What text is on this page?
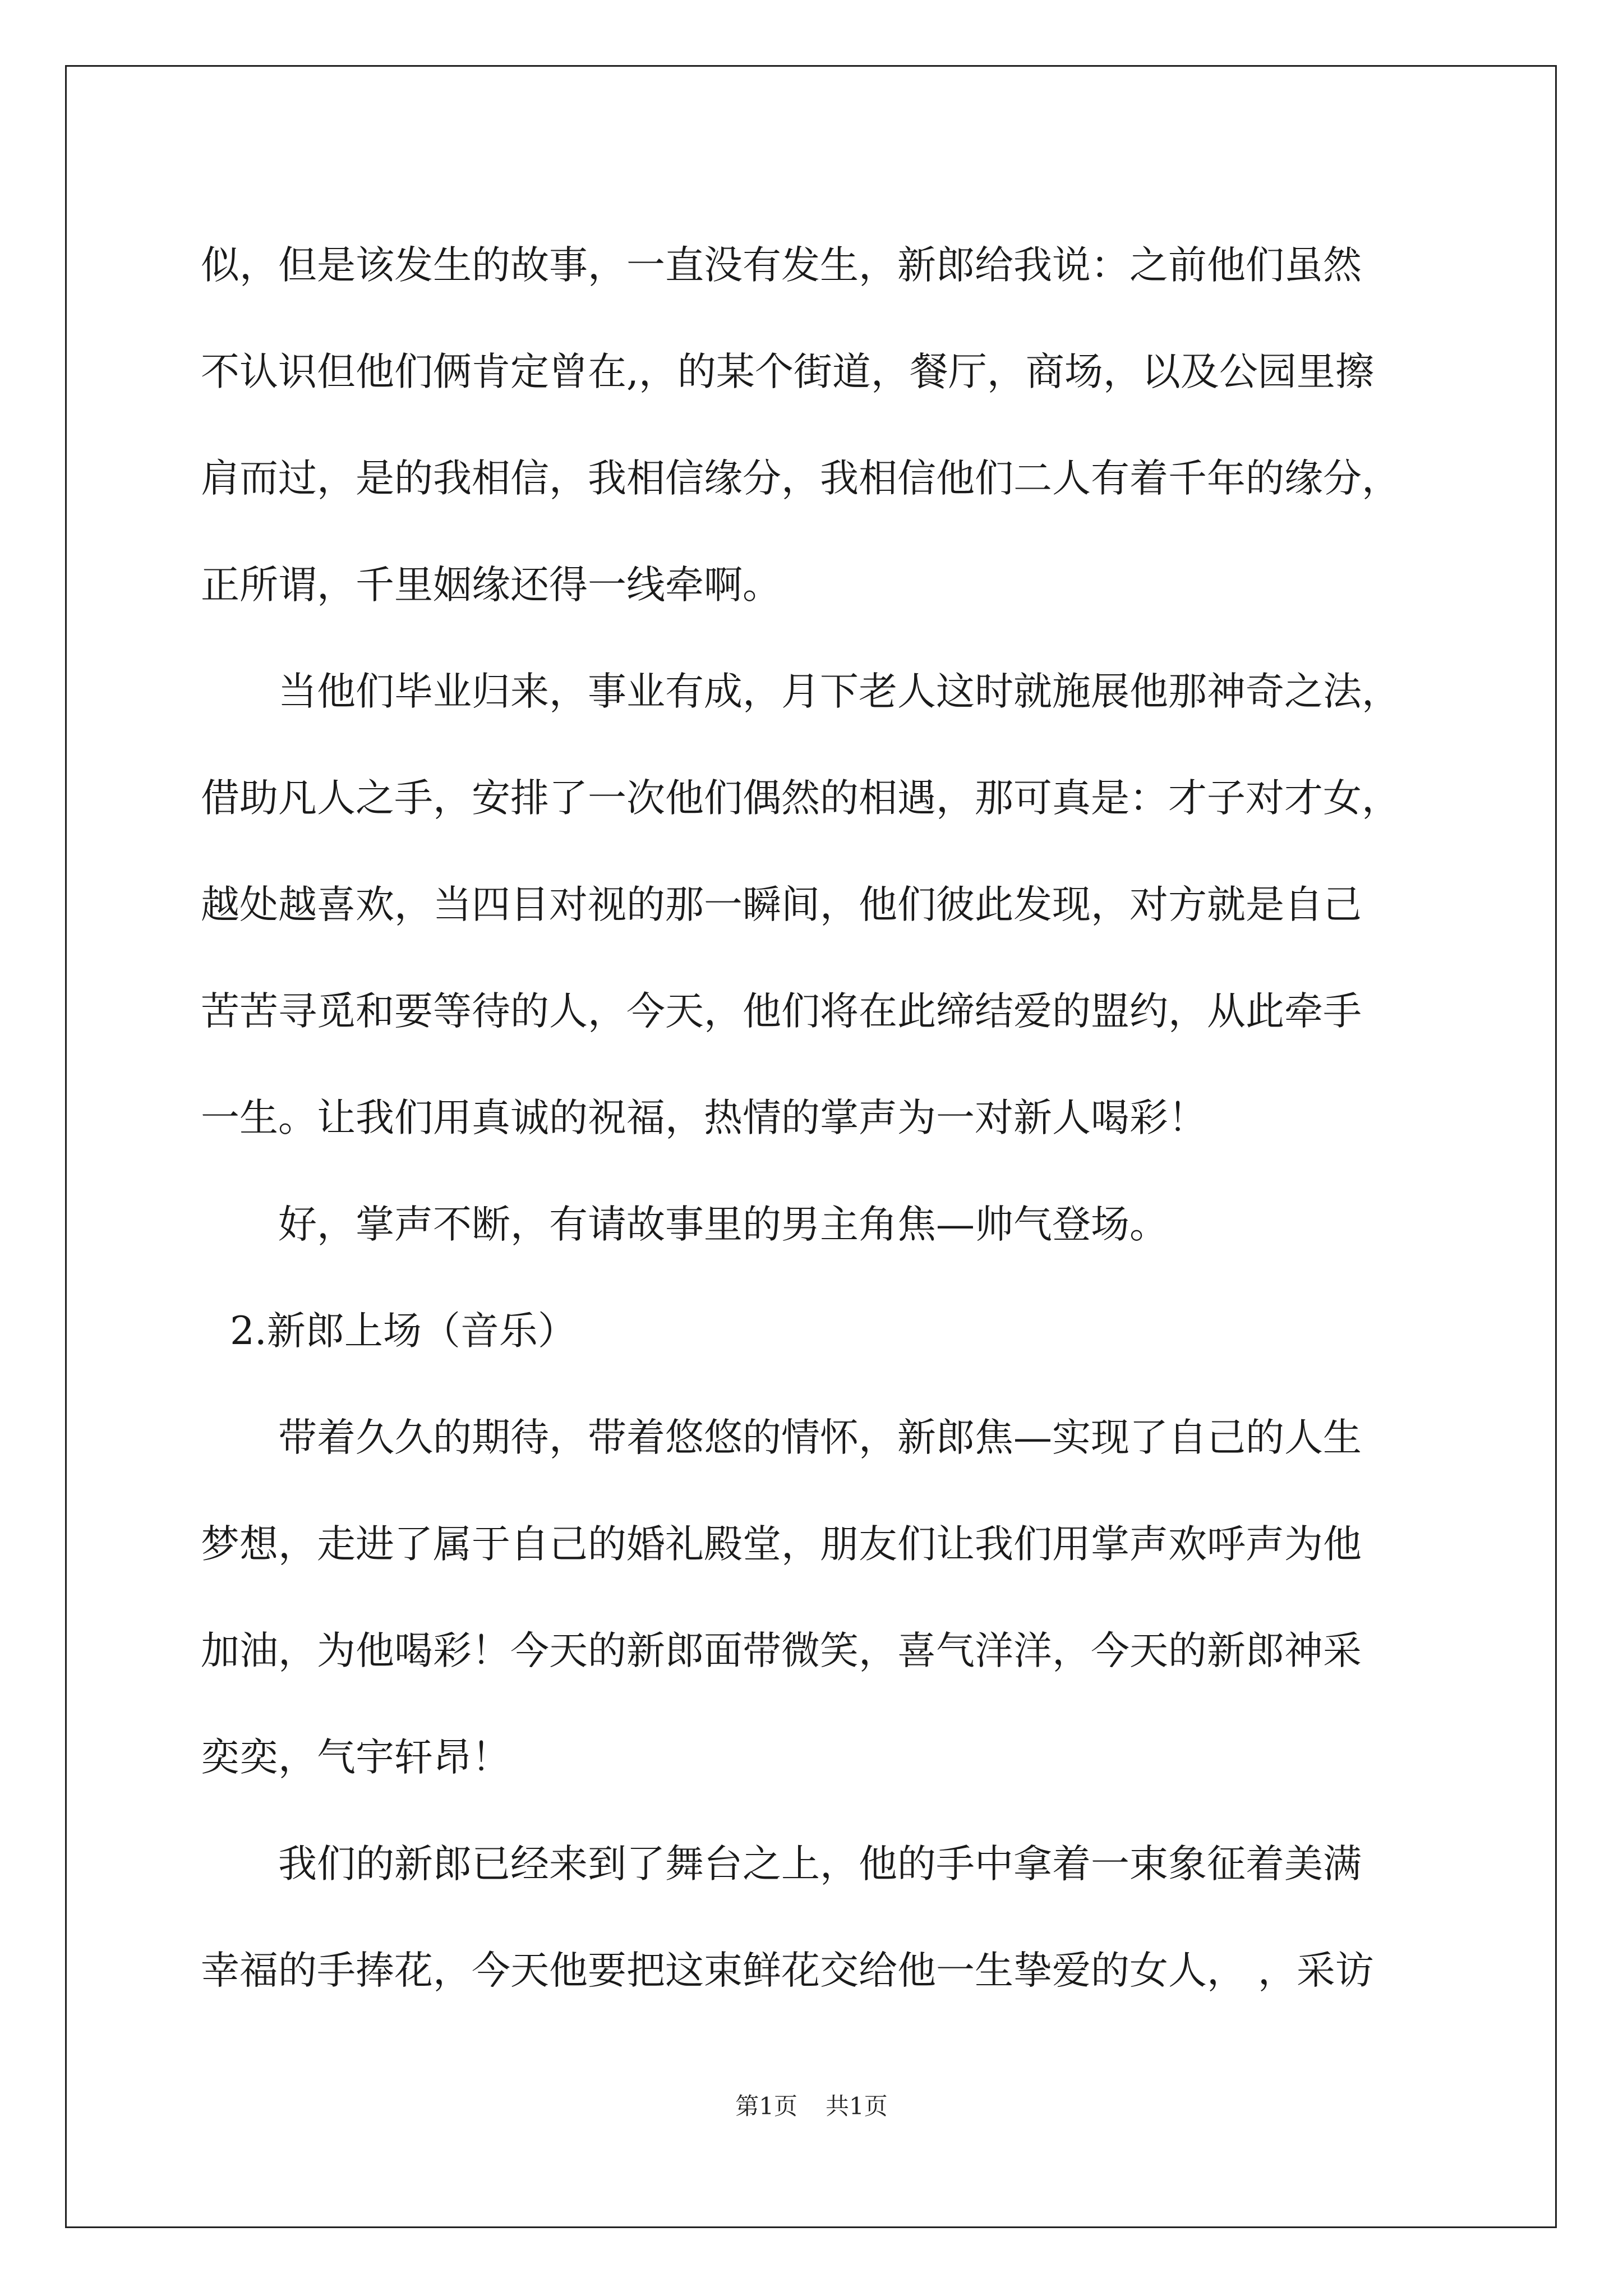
似，但是该发生的故事，一直没有发生，新郎给我说：之前他们虽然
不认识但他们俩肯定曾在,，的某个街道，餐厅，商场，以及公园里擦
肩而过，是的我相信，我相信缘分，我相信他们二人有着千年的缘分，
正所谓，千里姻缘还得一线牵啊。
当他们毕业归来，事业有成，月下老人这时就施展他那神奇之法，
借助凡人之手，安排了一次他们偶然的相遇，那可真是：才子对才女，
越处越喜欢，当四目对视的那一瞬间，他们彼此发现，对方就是自己
苦苦寻觅和要等待的人，今天，他们将在此缔结爱的盟约，从此牵手
一生。让我们用真诚的祝福，热情的掌声为一对新人喝彩！
好，掌声不断，有请故事里的男主角焦—帅气登场。
2.新郎上场（音乐）
带着久久的期待，带着悠悠的情怀，新郎焦—实现了自己的人生
梦想，走进了属于自己的婚礼殿堂，朋友们让我们用掌声欢呼声为他
加油，为他喝彩！今天的新郎面带微笑，喜气洋洋，今天的新郎神采
奕奕，气宇轩昂！
我们的新郎已经来到了舞台之上，他的手中拿着一束象征着美满
幸福的手捧花，今天他要把这束鲜花交给他一生挚爱的女人， ，采访
第1页 共1页
